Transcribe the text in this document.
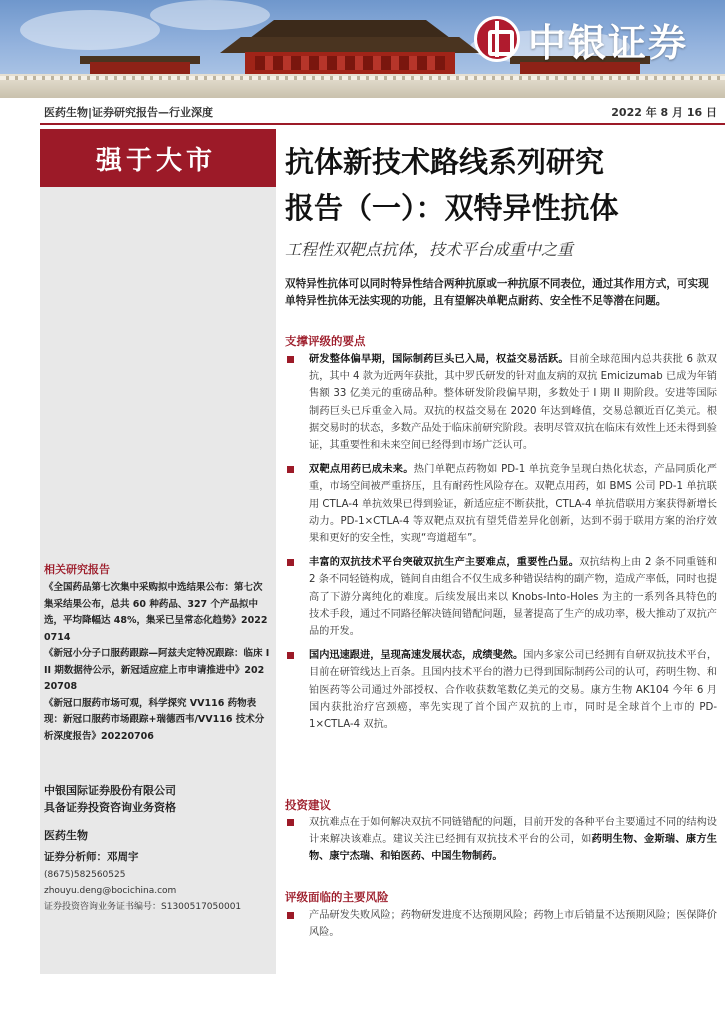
中银证券
医药生物|证券研究报告—行业深度	2022 年 8 月 16 日
强于大市
相关研究报告
《全国药品第七次集中采购拟中选结果公布：第七次集采结果公布，总共 60 种药品、327 个产品拟中选，平均降幅达 48%，集采已呈常态化趋势》20220714
《新冠小分子口服药跟踪—阿兹夫定特况跟踪：临床 III 期数据待公示，新冠适应症上市申请推进中》20220708
《新冠口服药市场可观，科学探究 VV116 药物表现：新冠口服药市场跟踪+瑞德西韦/VV116 技术分析深度报告》20220706
中银国际证券股份有限公司
具备证券投资咨询业务资格
医药生物
证券分析师：邓周宇
(8675)582560525
zhouyu.deng@bocichina.com
证券投资咨询业务证书编号：S1300517050001
抗体新技术路线系列研究
报告（一）：双特异性抗体
工程性双靶点抗体，技术平台成重中之重
双特异性抗体可以同时特异性结合两种抗原或一种抗原不同表位，通过其作用方式，可实现单特异性抗体无法实现的功能，且有望解决单靶点耐药、安全性不足等潜在问题。
支撑评级的要点
研发整体偏早期，国际制药巨头已入局，权益交易活跃。目前全球范围内总共获批 6 款双抗，其中 4 款为近两年获批，其中罗氏研发的针对血友病的双抗 Emicizumab 已成为年销售额 33 亿美元的重磅品种。整体研发阶段偏早期，多数处于 I 期 II 期阶段。安进等国际制药巨头已斥重金入局。双抗的权益交易在 2020 年达到峰值，交易总额近百亿美元。根据交易时的状态，多数产品处于临床前研究阶段。表明尽管双抗在临床有效性上还未得到验证，其重要性和未来空间已经得到市场广泛认可。
双靶点用药已成未来。热门单靶点药物如 PD-1 单抗竞争呈现白热化状态，产品同质化严重，市场空间被严重挤压，且有耐药性风险存在。双靶点用药，如 BMS 公司 PD-1 单抗联用 CTLA-4 单抗效果已得到验证，新适应症不断获批，CTLA-4 单抗借联用方案获得新增长动力。PD-1×CTLA-4 等双靶点双抗有望凭借差异化创新，达到不弱于联用方案的治疗效果和更好的安全性，实现“弯道超车”。
丰富的双抗技术平台突破双抗生产主要难点，重要性凸显。双抗结构上由 2 条不同重链和 2 条不同轻链构成，链间自由组合不仅生成多种错误结构的副产物，造成产率低，同时也提高了下游分离纯化的难度。后续发展出来以 Knobs-Into-Holes 为主的一系列各具特色的技术手段，通过不同路径解决链间错配问题，显著提高了生产的成功率，极大推动了双抗产品的开发。
国内迅速跟进，呈现高速发展状态，成绩斐然。国内多家公司已经拥有自研双抗技术平台，目前在研管线达上百条。且国内技术平台的潜力已得到国际制药公司的认可，药明生物、和铂医药等公司通过外部授权、合作收获数笔数亿美元的交易。康方生物 AK104 今年 6 月国内获批治疗宫颈癌，率先实现了首个国产双抗的上市，同时是全球首个上市的 PD-1×CTLA-4 双抗。
投资建议
双抗难点在于如何解决双抗不同链错配的问题，目前开发的各种平台主要通过不同的结构设计来解决该难点。建议关注已经拥有双抗技术平台的公司，如药明生物、金斯瑞、康方生物、康宁杰瑞、和铂医药、中国生物制药。
评级面临的主要风险
产品研发失败风险；药物研发进度不达预期风险；药物上市后销量不达预期风险；医保降价风险。
